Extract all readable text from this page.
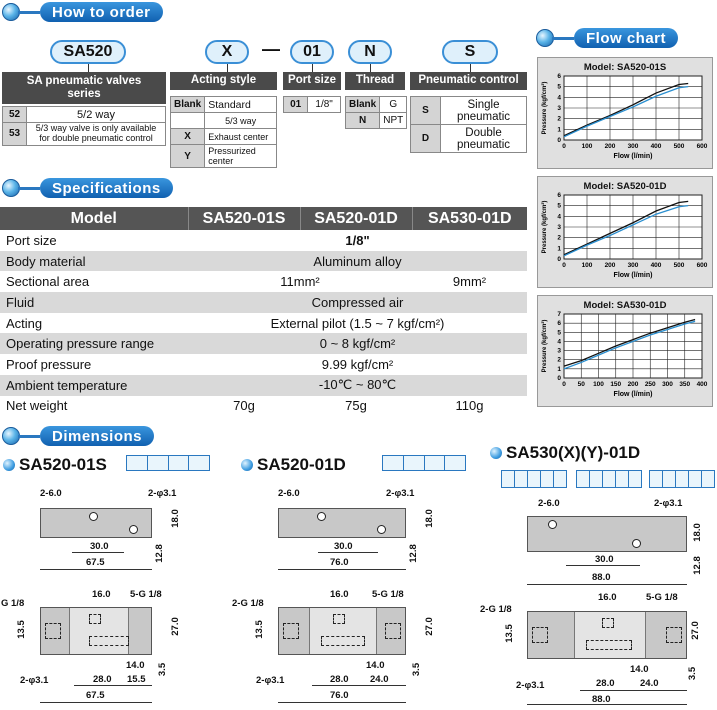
How to order
SA520	X	—	01	N	S
SA pneumatic valves series
52	5/2 way
53	5/3 way valve is only available for double pneumatic control
Acting style
Blank	Standard
	5/3 way
X	Exhaust center
Y	Pressurized center
Port size
01	1/8"
Thread
Blank	G
N	NPT
Pneumatic control
S	Single pneumatic
D	Double pneumatic
Specifications
Model	SA520-01S	SA520-01D	SA530-01D
Port size	1/8"		
Body material	Aluminum alloy		
Sectional area	11mm²		9mm²
Fluid	Compressed air		
Acting	External pilot (1.5 ~ 7 kgf/cm²)		
Operating pressure range	0 ~ 8 kgf/cm²		
Proof pressure	9.99 kgf/cm²		
Ambient temperature	-10℃ ~ 80℃		
Net weight	70g	75g	110g
Flow chart
Model: SA520-01S
0 100 200 300 400 500 600
0
1
2
3
4
5
6
Flow (l/min)
Pressure (kgf/cm²)
Model: SA520-01D
0 100 200 300 400 500 600
0
1
2
3
4
5
6
Flow (l/min)
Pressure (kgf/cm²)
Model: SA530-01D
0 50 100 150 200 250 300 350 400
0
1
2
3
4
5
6
7
Flow (l/min)
Pressure (kgf/cm²)
Dimensions
SA520-01S
2-6.0	2-φ3.1
30.0
67.5
18.0
12.8
G 1/8
16.0 5-G 1/8
13.5	27.0
14.0 3.5
2-φ3.1	28.0 15.5
67.5
SA520-01D
2-6.0	2-φ3.1
30.0
76.0
18.0
12.8
2-G 1/8
16.0 5-G 1/8
13.5	27.0
14.0	3.5
2-φ3.1	28.0 24.0
76.0
SA530(X)(Y)-01D
2-6.0	2-φ3.1
30.0
88.0
18.0
12.8
2-G 1/8
16.0	5-G 1/8
13.5	27.0
14.0	3.5
2-φ3.1	28.0	24.0
88.0
